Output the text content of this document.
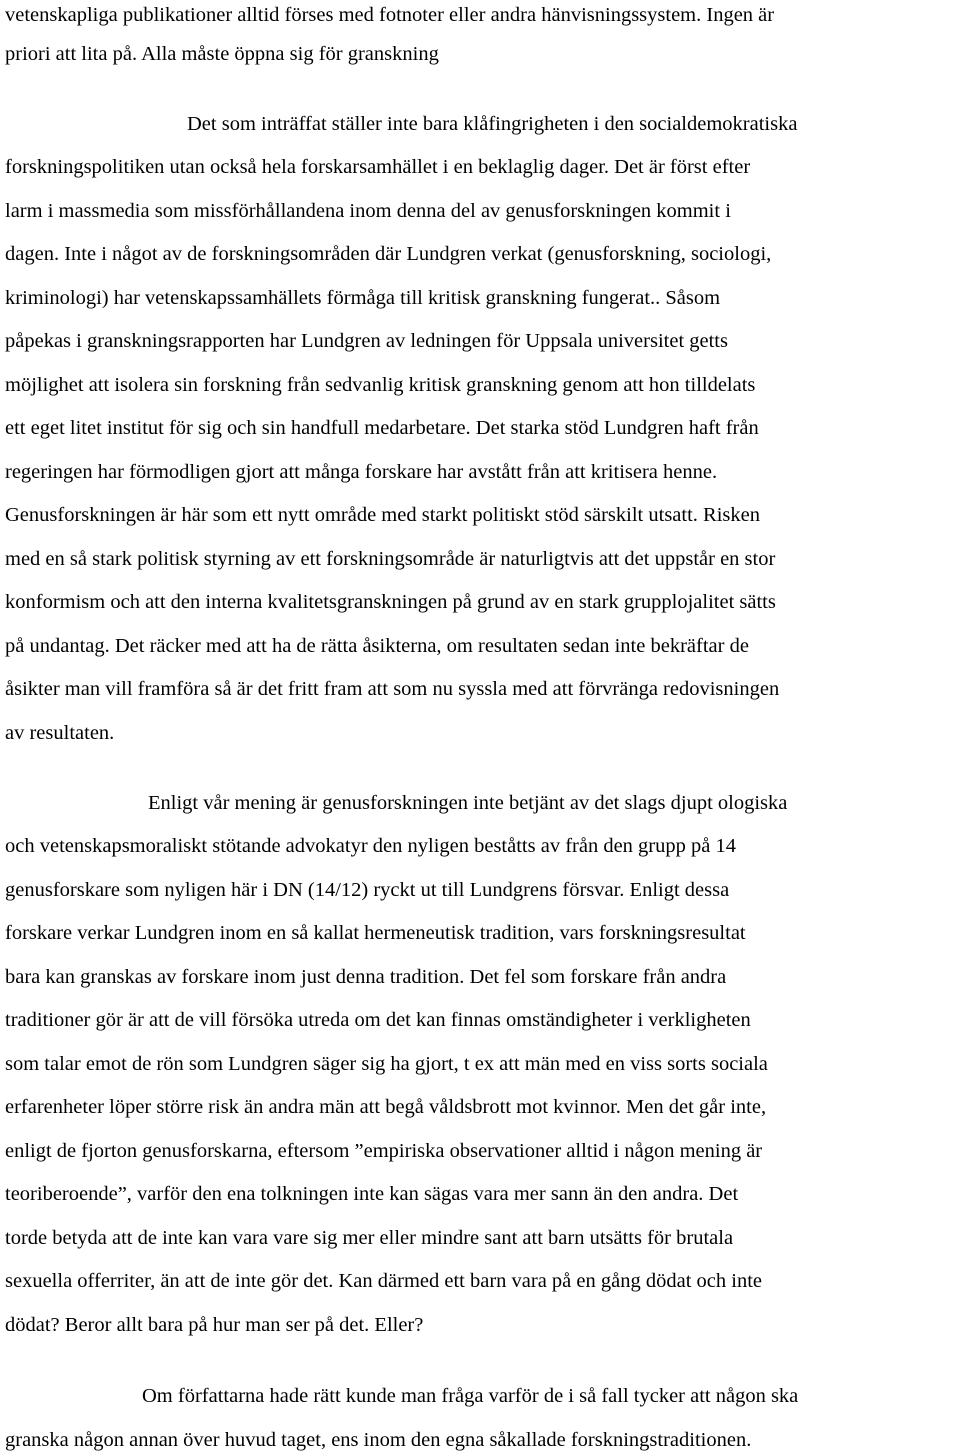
vetenskapliga publikationer alltid förses med fotnoter eller andra hänvisningssystem. Ingen är
priori att lita på. Alla måste öppna sig för granskning
Det som inträffat ställer inte bara klåfingrigheten i den socialdemokratiska
forskningspolitiken utan också hela forskarsamhället i en beklaglig dager. Det är först efter
larm i massmedia som missförhållandena inom denna del av genusforskningen kommit i
dagen. Inte i något av de forskningsområden där Lundgren verkat (genusforskning, sociologi,
kriminologi) har vetenskapssamhällets förmåga till kritisk granskning fungerat.. Såsom
påpekas i granskningsrapporten har Lundgren av ledningen för Uppsala universitet getts
möjlighet att isolera sin forskning från sedvanlig kritisk granskning genom att hon tilldelats
ett eget litet institut för sig och sin handfull medarbetare. Det starka stöd Lundgren haft från
regeringen har förmodligen gjort att många forskare har avstått från att kritisera henne.
Genusforskningen är här som ett nytt område med starkt politiskt stöd särskilt utsatt. Risken
med en så stark politisk styrning av ett forskningsområde är naturligtvis att det uppstår en stor
konformism och att den interna kvalitetsgranskningen på grund av en stark grupplojalitet sätts
på undantag. Det räcker med att ha de rätta åsikterna, om resultaten sedan inte bekräftar de
åsikter man vill framföra så är det fritt fram att som nu syssla med att förvränga redovisningen
av resultaten.
Enligt vår mening är genusforskningen inte betjänt av det slags djupt ologiska
och vetenskapsmoraliskt stötande advokatyr den nyligen beståtts av från den grupp på 14
genusforskare som nyligen här i DN (14/12) ryckt ut till Lundgrens försvar. Enligt dessa
forskare verkar Lundgren inom en så kallat hermeneutisk tradition, vars forskningsresultat
bara kan granskas av forskare inom just denna tradition. Det fel som forskare från andra
traditioner gör är att de vill försöka utreda om det kan finnas omständigheter i verkligheten
som talar emot de rön som Lundgren säger sig ha gjort, t ex att män med en viss sorts sociala
erfarenheter löper större risk än andra män att begå våldsbrott mot kvinnor. Men det går inte,
enligt de fjorton genusforskarna, eftersom ”empiriska observationer alltid i någon mening är
teoriberoende”, varför den ena tolkningen inte kan sägas vara mer sann än den andra. Det
torde betyda att de inte kan vara vare sig mer eller mindre sant att barn utsätts för brutala
sexuella offerriter, än att de inte gör det. Kan därmed ett barn vara på en gång dödat och inte
dödat? Beror allt bara på hur man ser på det. Eller?
Om författarna hade rätt kunde man fråga varför de i så fall tycker att någon ska
granska någon annan över huvud taget, ens inom den egna såkallade forskningstraditionen.
